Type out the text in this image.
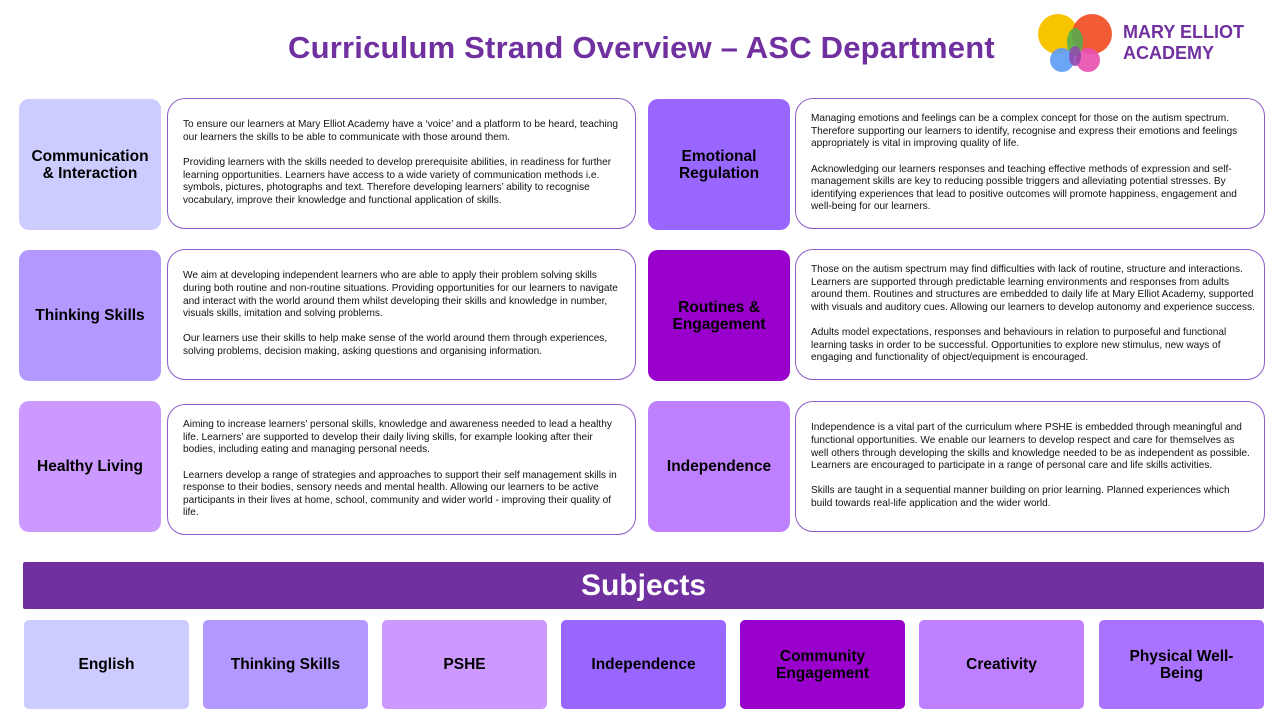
Curriculum Strand Overview – ASC Department	MARY ELLIOT
ACADEMY
Communication & Interaction

To ensure our learners at Mary Elliot Academy have a ‘voice’ and a platform to be heard, teaching our learners the skills to be able to communicate with those around them.

Providing learners with the skills needed to develop prerequisite abilities, in readiness for further learning opportunities. Learners have access to a wide variety of communication methods i.e. symbols, pictures, photographs and text. Therefore developing learners’ ability to recognise vocabulary, improve their knowledge and functional application of skills.

Emotional Regulation

Managing emotions and feelings can be a complex concept for those on the autism spectrum. Therefore supporting our learners to identify, recognise and express their emotions and feelings appropriately is vital in improving quality of life.

Acknowledging our learners responses and teaching effective methods of expression and self-management skills are key to reducing possible triggers and alleviating potential stresses. By identifying experiences that lead to positive outcomes will promote happiness, engagement and well-being for our learners.

Thinking Skills

We aim at developing independent learners who are able to apply their problem solving skills during both routine and non-routine situations. Providing opportunities for our learners to navigate and interact with the world around them whilst developing their skills and knowledge in number, visuals skills, imitation and solving problems.

Our learners use their skills to help make sense of the world around them through experiences, solving problems, decision making, asking questions and organising information.

Routines & Engagement

Those on the autism spectrum may find difficulties with lack of routine, structure and interactions. Learners are supported through predictable learning environments and responses from adults around them. Routines and structures are embedded to daily life at Mary Elliot Academy, supported with visuals and auditory cues. Allowing our learners to develop autonomy and experience success.

Adults model expectations, responses and behaviours in relation to purposeful and functional learning tasks in order to be successful. Opportunities to explore new stimulus, new ways of engaging and functionality of object/equipment is encouraged.

Healthy Living

Aiming to increase learners’ personal skills, knowledge and awareness needed to lead a healthy life. Learners’ are supported to develop their daily living skills, for example looking after their bodies, including eating and managing personal needs.

Learners develop a range of strategies and approaches to support their self management skills in response to their bodies, sensory needs and mental health. Allowing our learners to be active participants in their lives at home, school, community and wider world - improving their quality of life.

Independence

Independence is a vital part of the curriculum where PSHE is embedded through meaningful and functional opportunities. We enable our learners to develop respect and care for themselves as well others through developing the skills and knowledge needed to be as independent as possible. Learners are encouraged to participate in a range of personal care and life skills activities.

Skills are taught in a sequential manner building on prior learning. Planned experiences which build towards real-life application and the wider world.

Subjects
English	Thinking Skills	PSHE	Independence	Community Engagement	Creativity	Physical Well-Being
